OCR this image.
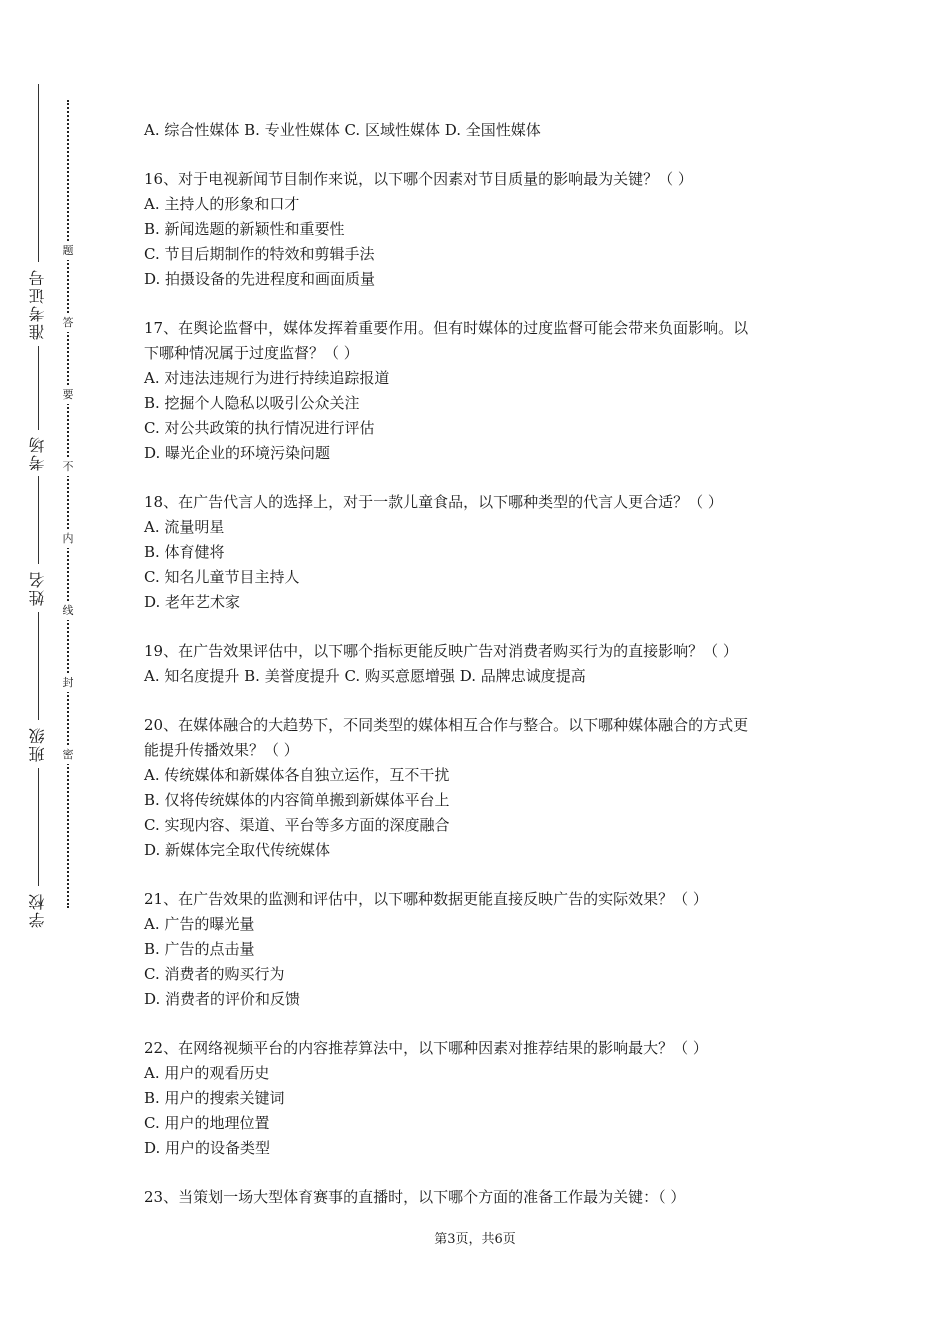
准考证号
考场
姓名
班级
学校
题
答
要
不
内
线
封
密
A. 综合性媒体 B. 专业性媒体 C. 区域性媒体 D. 全国性媒体
16、对于电视新闻节目制作来说，以下哪个因素对节目质量的影响最为关键？（ ）
A. 主持人的形象和口才
B. 新闻选题的新颖性和重要性
C. 节目后期制作的特效和剪辑手法
D. 拍摄设备的先进程度和画面质量
17、在舆论监督中，媒体发挥着重要作用。但有时媒体的过度监督可能会带来负面影响。以
下哪种情况属于过度监督？（ ）
A. 对违法违规行为进行持续追踪报道
B. 挖掘个人隐私以吸引公众关注
C. 对公共政策的执行情况进行评估
D. 曝光企业的环境污染问题
18、在广告代言人的选择上，对于一款儿童食品，以下哪种类型的代言人更合适？（ ）
A. 流量明星
B. 体育健将
C. 知名儿童节目主持人
D. 老年艺术家
19、在广告效果评估中，以下哪个指标更能反映广告对消费者购买行为的直接影响？（ ）
A. 知名度提升 B. 美誉度提升 C. 购买意愿增强 D. 品牌忠诚度提高
20、在媒体融合的大趋势下，不同类型的媒体相互合作与整合。以下哪种媒体融合的方式更
能提升传播效果？（ ）
A. 传统媒体和新媒体各自独立运作，互不干扰
B. 仅将传统媒体的内容简单搬到新媒体平台上
C. 实现内容、渠道、平台等多方面的深度融合
D. 新媒体完全取代传统媒体
21、在广告效果的监测和评估中，以下哪种数据更能直接反映广告的实际效果？（ ）
A. 广告的曝光量
B. 广告的点击量
C. 消费者的购买行为
D. 消费者的评价和反馈
22、在网络视频平台的内容推荐算法中，以下哪种因素对推荐结果的影响最大？（ ）
A. 用户的观看历史
B. 用户的搜索关键词
C. 用户的地理位置
D. 用户的设备类型
23、当策划一场大型体育赛事的直播时，以下哪个方面的准备工作最为关键：（ ）
第3页，共6页
